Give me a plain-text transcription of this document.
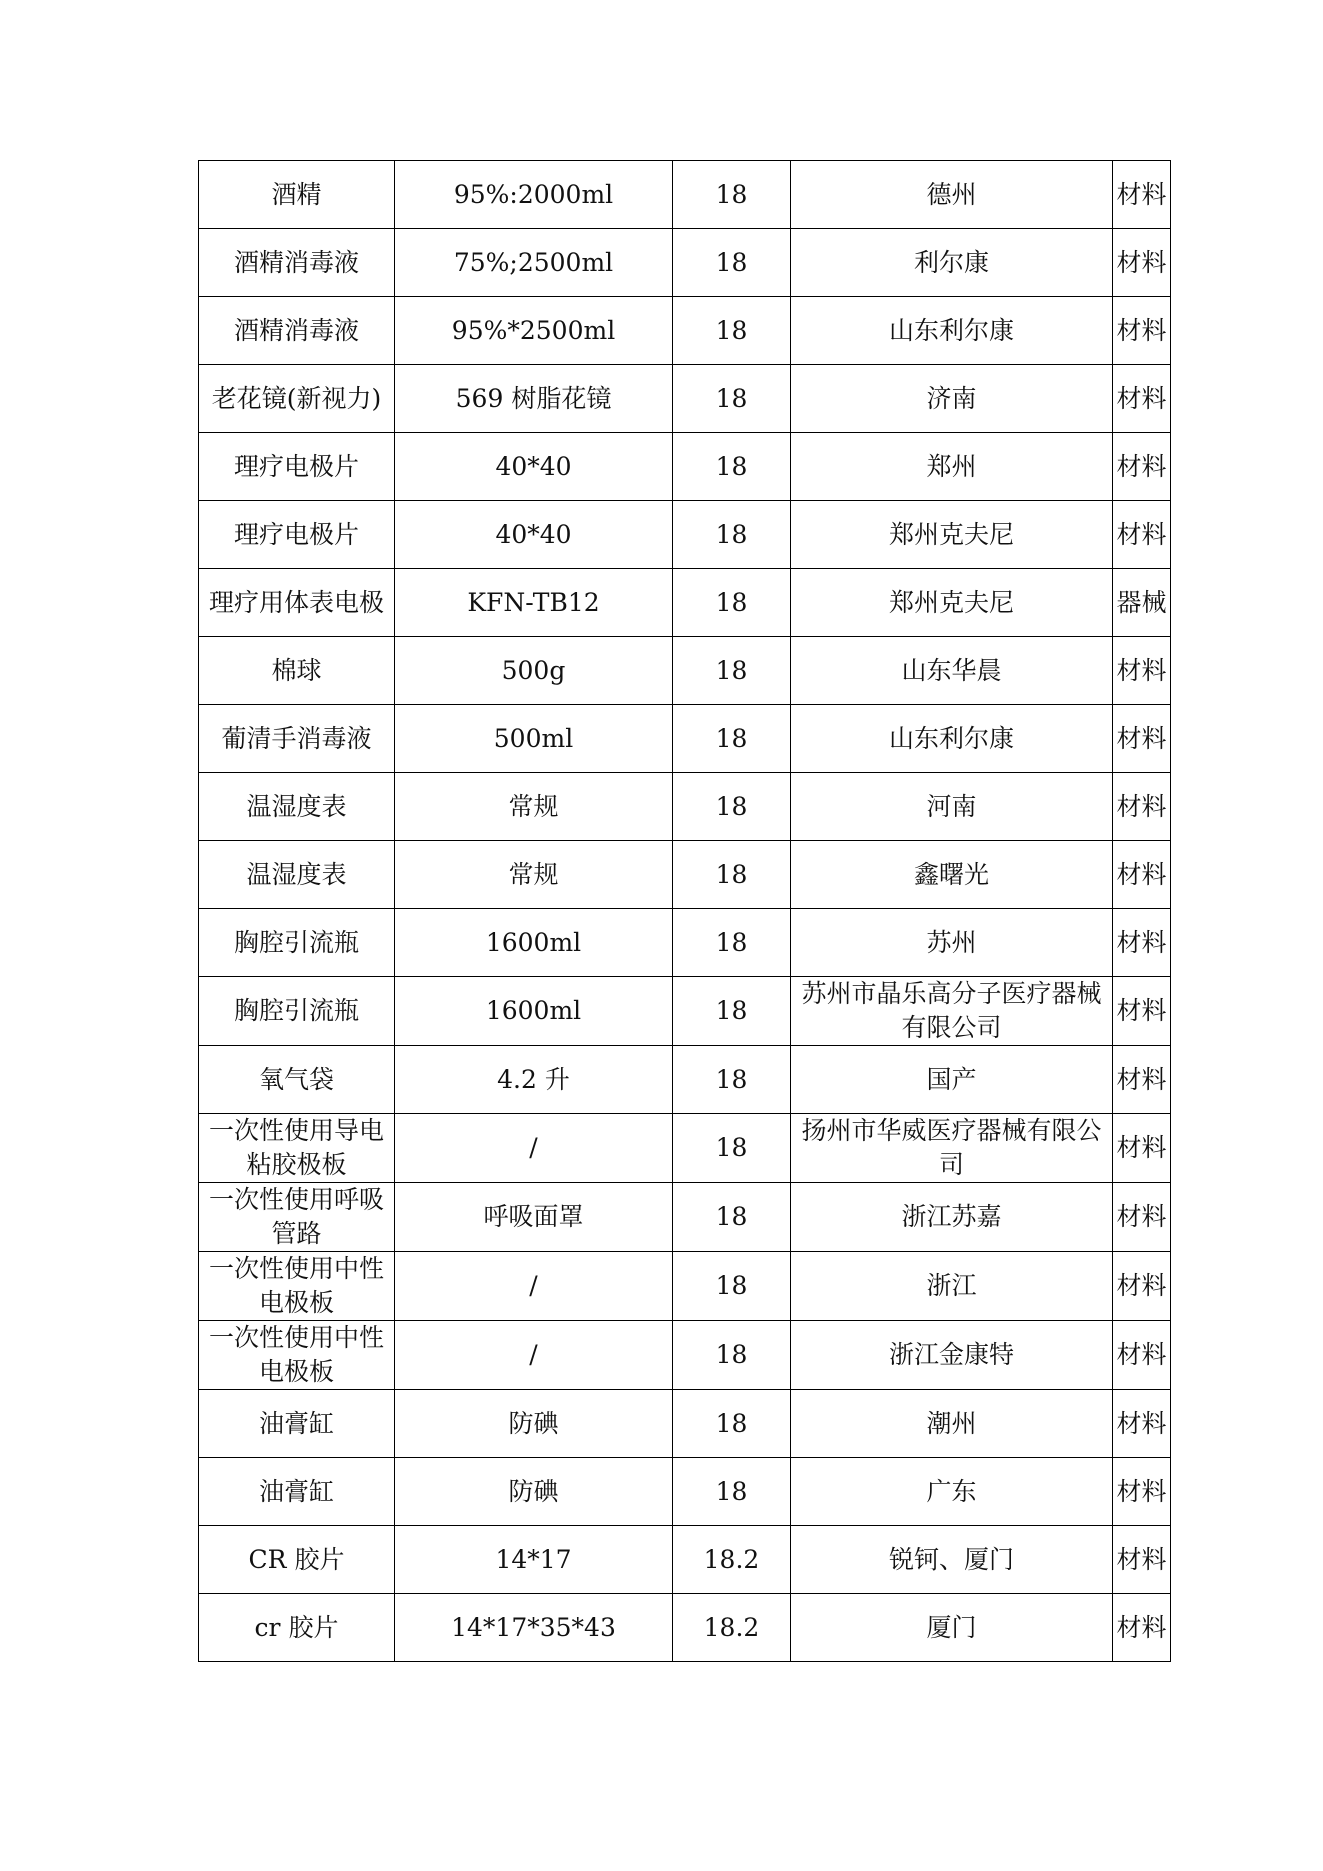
酒精	95%:2000ml	18	德州	材料
酒精消毒液	75%;2500ml	18	利尔康	材料
酒精消毒液	95%*2500ml	18	山东利尔康	材料
老花镜(新视力)	569 树脂花镜	18	济南	材料
理疗电极片	40*40	18	郑州	材料
理疗电极片	40*40	18	郑州克夫尼	材料
理疗用体表电极	KFN-TB12	18	郑州克夫尼	器械
棉球	500g	18	山东华晨	材料
葡清手消毒液	500ml	18	山东利尔康	材料
温湿度表	常规	18	河南	材料
温湿度表	常规	18	鑫曙光	材料
胸腔引流瓶	1600ml	18	苏州	材料
胸腔引流瓶	1600ml	18	苏州市晶乐高分子医疗器械有限公司	材料
氧气袋	4.2 升	18	国产	材料
一次性使用导电粘胶极板	/	18	扬州市华威医疗器械有限公司	材料
一次性使用呼吸管路	呼吸面罩	18	浙江苏嘉	材料
一次性使用中性电极板	/	18	浙江	材料
一次性使用中性电极板	/	18	浙江金康特	材料
油膏缸	防碘	18	潮州	材料
油膏缸	防碘	18	广东	材料
CR 胶片	14*17	18.2	锐钶、厦门	材料
cr 胶片	14*17*35*43	18.2	厦门	材料
